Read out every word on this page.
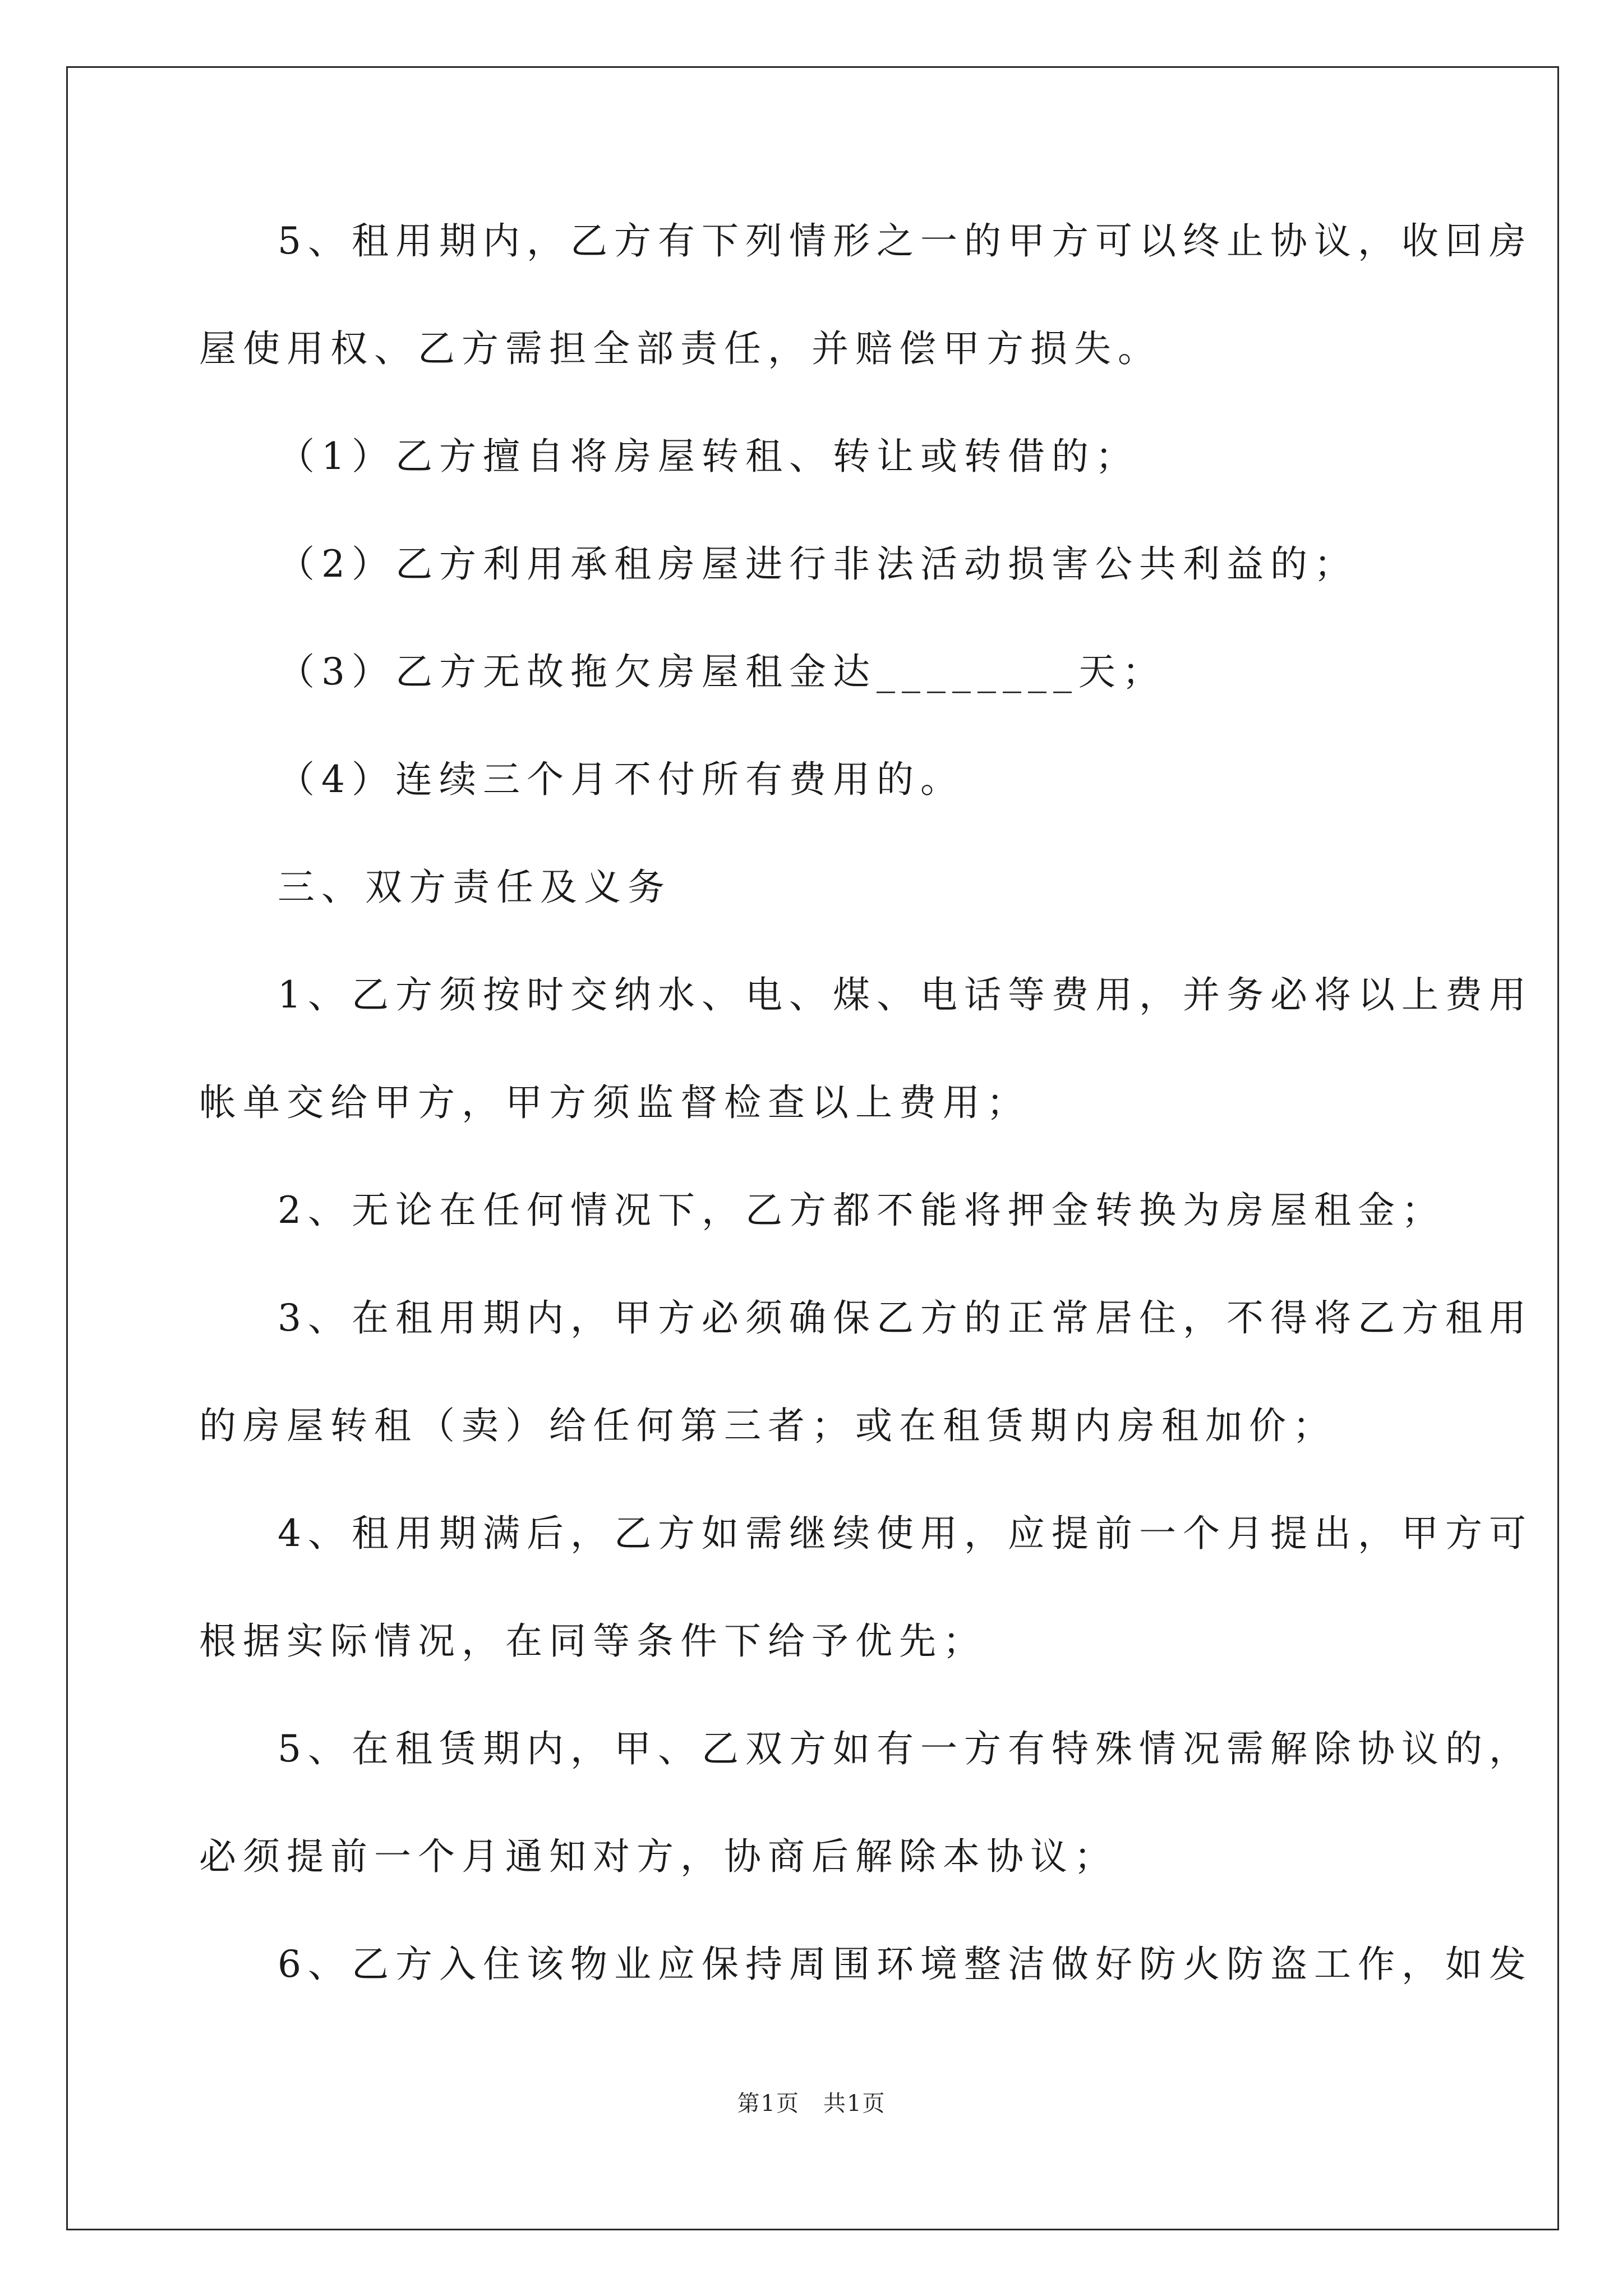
5、租用期内，乙方有下列情形之一的甲方可以终止协议，收回房
屋使用权、乙方需担全部责任，并赔偿甲方损失。
（1）乙方擅自将房屋转租、转让或转借的；
（2）乙方利用承租房屋进行非法活动损害公共利益的；
（3）乙方无故拖欠房屋租金达________天；
（4）连续三个月不付所有费用的。
三、双方责任及义务
1、乙方须按时交纳水、电、煤、电话等费用，并务必将以上费用
帐单交给甲方，甲方须监督检查以上费用；
2、无论在任何情况下，乙方都不能将押金转换为房屋租金；
3、在租用期内，甲方必须确保乙方的正常居住，不得将乙方租用
的房屋转租（卖）给任何第三者；或在租赁期内房租加价；
4、租用期满后，乙方如需继续使用，应提前一个月提出，甲方可
根据实际情况，在同等条件下给予优先；
5、在租赁期内，甲、乙双方如有一方有特殊情况需解除协议的，
必须提前一个月通知对方，协商后解除本协议；
6、乙方入住该物业应保持周围环境整洁做好防火防盗工作，如发
第1页　共1页
